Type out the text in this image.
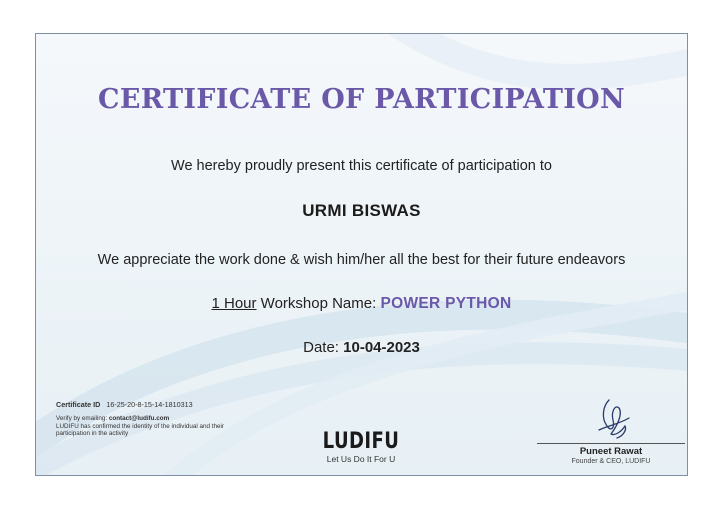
CERTIFICATE OF PARTICIPATION
We hereby proudly present this certificate of participation to
URMI BISWAS
We appreciate the work done & wish him/her all the best for their future endeavors
1 Hour Workshop Name: POWER PYTHON
Date: 10-04-2023
Certificate ID 16-25-20-8-15-14-1810313
Verify by emailing: contact@ludifu.com
LUDIFU has confirmed the identity of the individual and their participation in the activity	LUDIFU
Let Us Do It For U
Puneet Rawat
Founder & CEO, LUDIFU
